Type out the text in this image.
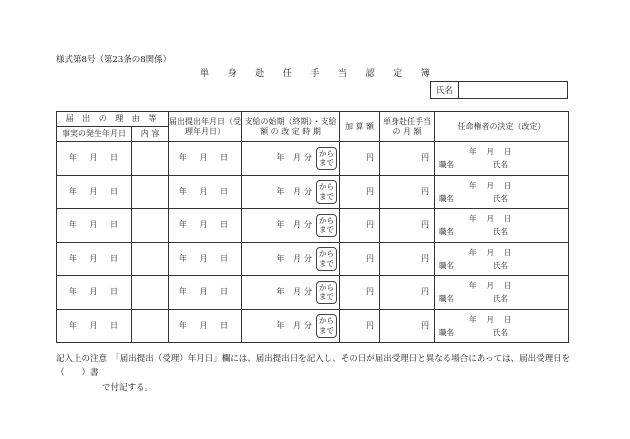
様式第8号（第23条の8関係）
単 身 赴 任 手 当 認 定 簿
氏名
届 出 の 理 由 等		届出提出年月日（受理年月日）	支給の始期（終期）・支給額 の 改 定 時 期	加 算 額	単身赴任手当の 月 額	任命権者の決定（改定）
事実の発生年月日	内 容					

年 月 日		年 月 日	年 月分
から
まで	円	円	年月日
職名 氏名

年 月 日		年 月 日	年 月分
から
まで	円	円	年月日
職名 氏名

年 月 日		年 月 日	年 月分
から
まで	円	円	年月日
職名 氏名

年 月 日		年 月 日	年 月分
から
まで	円	円	年月日
職名 氏名

年 月 日		年 月 日	年 月分
から
まで	円	円	年月日
職名 氏名

年 月 日		年 月 日	年 月分
から
まで	円	円	年月日
職名 氏名
記入上の注意　「届出提出（受理）年月日」欄には、届出提出日を記入し、その日が届出受理日と異なる場合にあっては、届出受理日を（　　）書
で付記する。
